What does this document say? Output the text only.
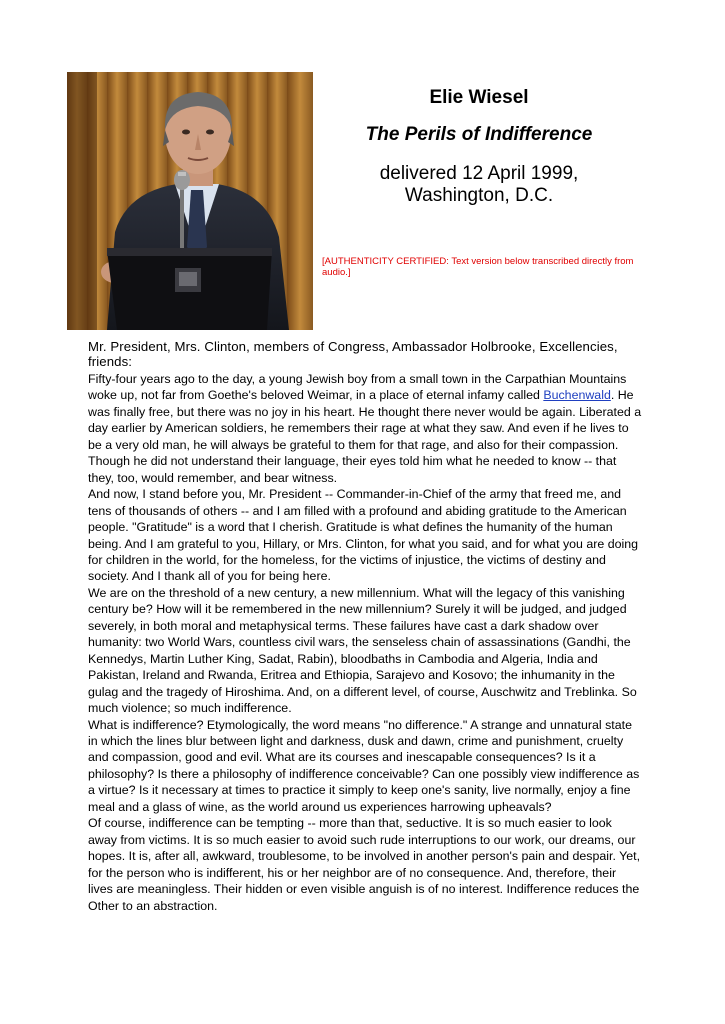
Elie Wiesel
The Perils of Indifference
delivered 12 April 1999,
Washington, D.C.
[AUTHENTICITY CERTIFIED: Text version below transcribed directly from audio.]

Mr. President, Mrs. Clinton, members of Congress, Ambassador Holbrooke, Excellencies, friends:

Fifty-four years ago to the day, a young Jewish boy from a small town in the Carpathian Mountains woke up, not far from Goethe's beloved Weimar, in a place of eternal infamy called Buchenwald. He was finally free, but there was no joy in his heart. He thought there never would be again. Liberated a day earlier by American soldiers, he remembers their rage at what they saw. And even if he lives to be a very old man, he will always be grateful to them for that rage, and also for their compassion. Though he did not understand their language, their eyes told him what he needed to know -- that they, too, would remember, and bear witness.

And now, I stand before you, Mr. President -- Commander-in-Chief of the army that freed me, and tens of thousands of others -- and I am filled with a profound and abiding gratitude to the American people. "Gratitude" is a word that I cherish. Gratitude is what defines the humanity of the human being. And I am grateful to you, Hillary, or Mrs. Clinton, for what you said, and for what you are doing for children in the world, for the homeless, for the victims of injustice, the victims of destiny and society. And I thank all of you for being here.

We are on the threshold of a new century, a new millennium. What will the legacy of this vanishing century be? How will it be remembered in the new millennium? Surely it will be judged, and judged severely, in both moral and metaphysical terms. These failures have cast a dark shadow over humanity: two World Wars, countless civil wars, the senseless chain of assassinations (Gandhi, the Kennedys, Martin Luther King, Sadat, Rabin), bloodbaths in Cambodia and Algeria, India and Pakistan, Ireland and Rwanda, Eritrea and Ethiopia, Sarajevo and Kosovo; the inhumanity in the gulag and the tragedy of Hiroshima. And, on a different level, of course, Auschwitz and Treblinka. So much violence; so much indifference.

What is indifference? Etymologically, the word means "no difference." A strange and unnatural state in which the lines blur between light and darkness, dusk and dawn, crime and punishment, cruelty and compassion, good and evil. What are its courses and inescapable consequences? Is it a philosophy? Is there a philosophy of indifference conceivable? Can one possibly view indifference as a virtue? Is it necessary at times to practice it simply to keep one's sanity, live normally, enjoy a fine meal and a glass of wine, as the world around us experiences harrowing upheavals?

Of course, indifference can be tempting -- more than that, seductive. It is so much easier to look away from victims. It is so much easier to avoid such rude interruptions to our work, our dreams, our hopes. It is, after all, awkward, troublesome, to be involved in another person's pain and despair. Yet, for the person who is indifferent, his or her neighbor are of no consequence. And, therefore, their lives are meaningless. Their hidden or even visible anguish is of no interest. Indifference reduces the Other to an abstraction.
